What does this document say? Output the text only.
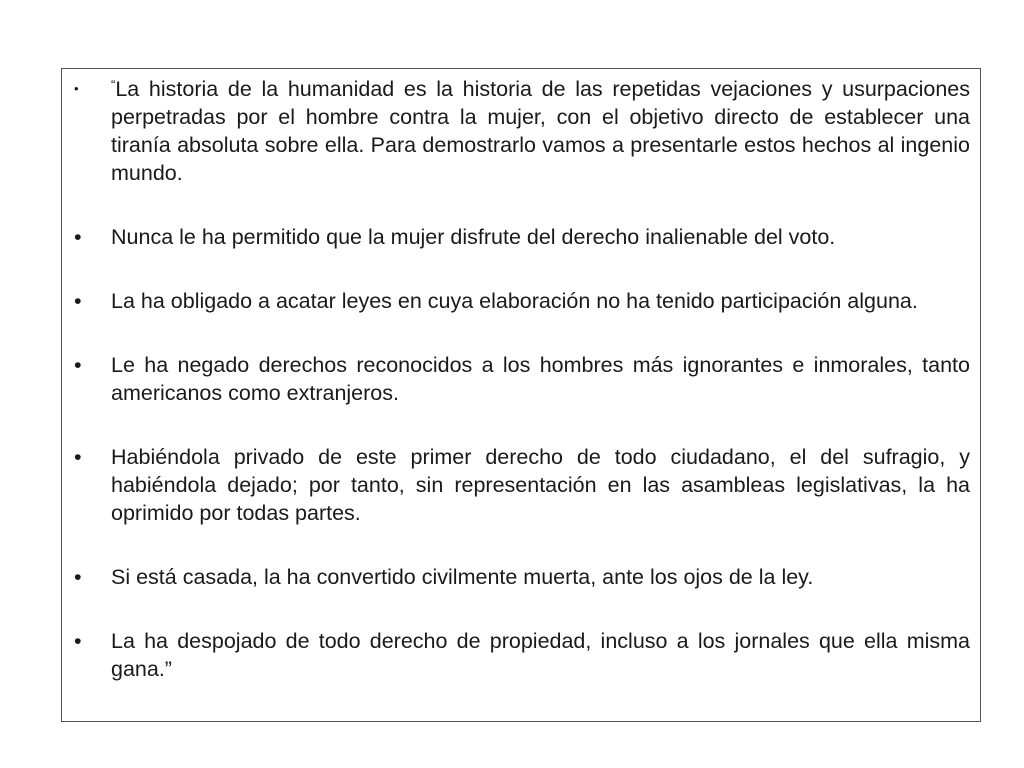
• “La historia de la humanidad es la historia de las repetidas vejaciones y usurpaciones perpetradas por el hombre contra la mujer, con el objetivo directo de establecer una tiranía absoluta sobre ella. Para demostrarlo vamos a presentarle estos hechos al ingenio mundo.
• Nunca le ha permitido que la mujer disfrute del derecho inalienable del voto.
• La ha obligado a acatar leyes en cuya elaboración no ha tenido participación alguna.
• Le ha negado derechos reconocidos a los hombres más ignorantes e inmorales, tanto americanos como extranjeros.
• Habiéndola privado de este primer derecho de todo ciudadano, el del sufragio, y habiéndola dejado; por tanto, sin representación en las asambleas legislativas, la ha oprimido por todas partes.
• Si está casada, la ha convertido civilmente muerta, ante los ojos de la ley.
• La ha despojado de todo derecho de propiedad, incluso a los jornales que ella misma gana.”
